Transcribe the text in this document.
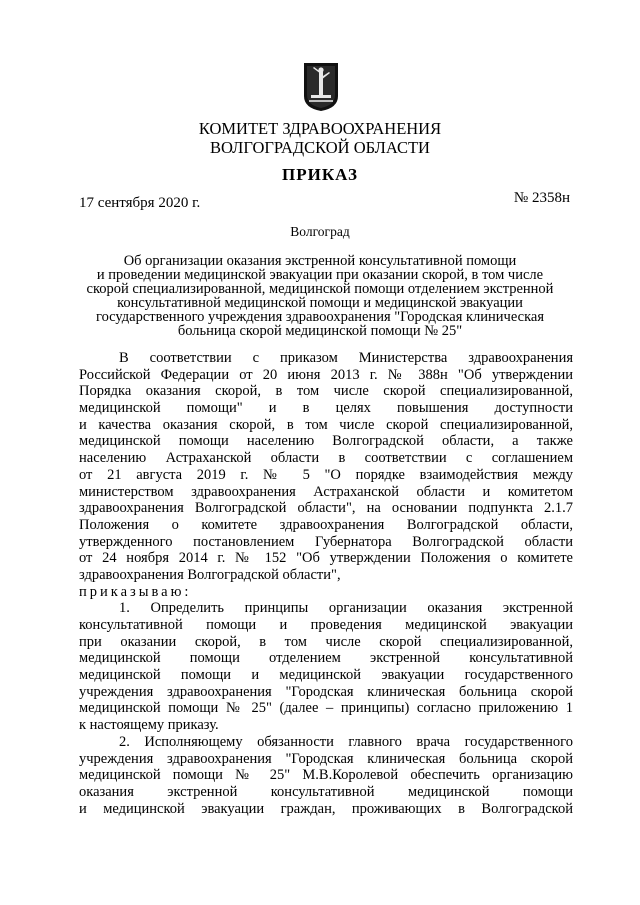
КОМИТЕТ ЗДРАВООХРАНЕНИЯ
ВОЛГОГРАДСКОЙ ОБЛАСТИ
ПРИКАЗ
17 сентября 2020 г.	№ 2358н
Волгоград
Об организации оказания экстренной консультативной помощи
и проведении медицинской эвакуации при оказании скорой, в том числе
скорой специализированной, медицинской помощи отделением экстренной
консультативной медицинской помощи и медицинской эвакуации
государственного учреждения здравоохранения "Городская клиническая
больница скорой медицинской помощи № 25"
В соответствии с приказом Министерства здравоохранения
Российской Федерации от 20 июня 2013 г. № 388н "Об утверждении
Порядка оказания скорой, в том числе скорой специализированной,
медицинской помощи" и в целях повышения доступности
и качества оказания скорой, в том числе скорой специализированной,
медицинской помощи населению Волгоградской области, а также
населению Астраханской области в соответствии с соглашением
от 21 августа 2019 г. № 5 "О порядке взаимодействия между
министерством здравоохранения Астраханской области и комитетом
здравоохранения Волгоградской области", на основании подпункта 2.1.7
Положения о комитете здравоохранения Волгоградской области,
утвержденного постановлением Губернатора Волгоградской области
от 24 ноября 2014 г. № 152 "Об утверждении Положения о комитете
здравоохранения Волгоградской области",
приказываю:
1. Определить принципы организации оказания экстренной
консультативной помощи и проведения медицинской эвакуации
при оказании скорой, в том числе скорой специализированной,
медицинской помощи отделением экстренной консультативной
медицинской помощи и медицинской эвакуации государственного
учреждения здравоохранения "Городская клиническая больница скорой
медицинской помощи № 25" (далее – принципы) согласно приложению 1
к настоящему приказу.
2. Исполняющему обязанности главного врача государственного
учреждения здравоохранения "Городская клиническая больница скорой
медицинской помощи № 25" М.В.Королевой обеспечить организацию
оказания экстренной консультативной медицинской помощи
и медицинской эвакуации граждан, проживающих в Волгоградской
